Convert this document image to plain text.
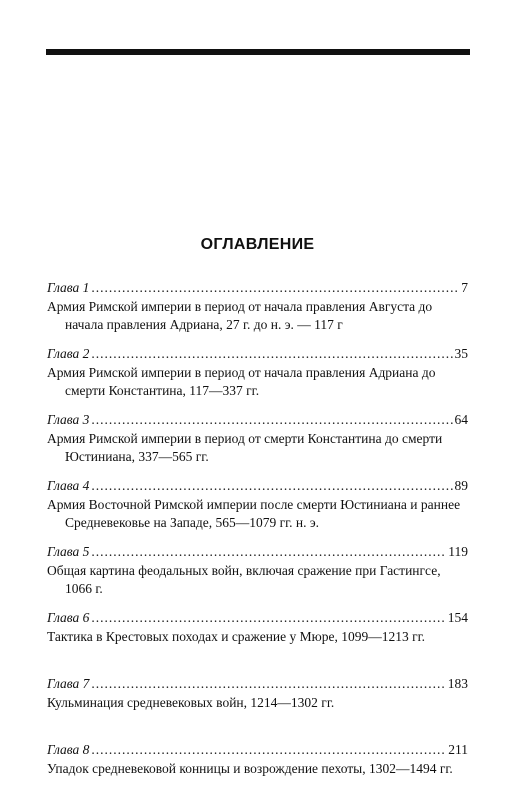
ОГЛАВЛЕНИЕ
Глава 1 .....	7
Армия Римской империи в период от начала правления Августа до начала правления Адриана, 27 г. до н. э. — 117 г
Глава 2 .....	35
Армия Римской империи в период от начала правления Адриана до смерти Константина, 117—337 гг.
Глава 3 .....	64
Армия Римской империи в период от смерти Константина до смерти Юстиниана, 337—565 гг.
Глава 4 .....	89
Армия Восточной Римской империи после смерти Юстиниана и раннее Средневековье на Западе, 565—1079 гг. н. э.
Глава 5 .....	119
Общая картина феодальных войн, включая сражение при Гастингсе, 1066 г.
Глава 6 .....	154
Тактика в Крестовых походах и сражение у Мюре, 1099—1213 гг.
Глава 7 .....	183
Кульминация средневековых войн, 1214—1302 гг.
Глава 8 .....	211
Упадок средневековой конницы и возрождение пехоты, 1302—1494 гг.
